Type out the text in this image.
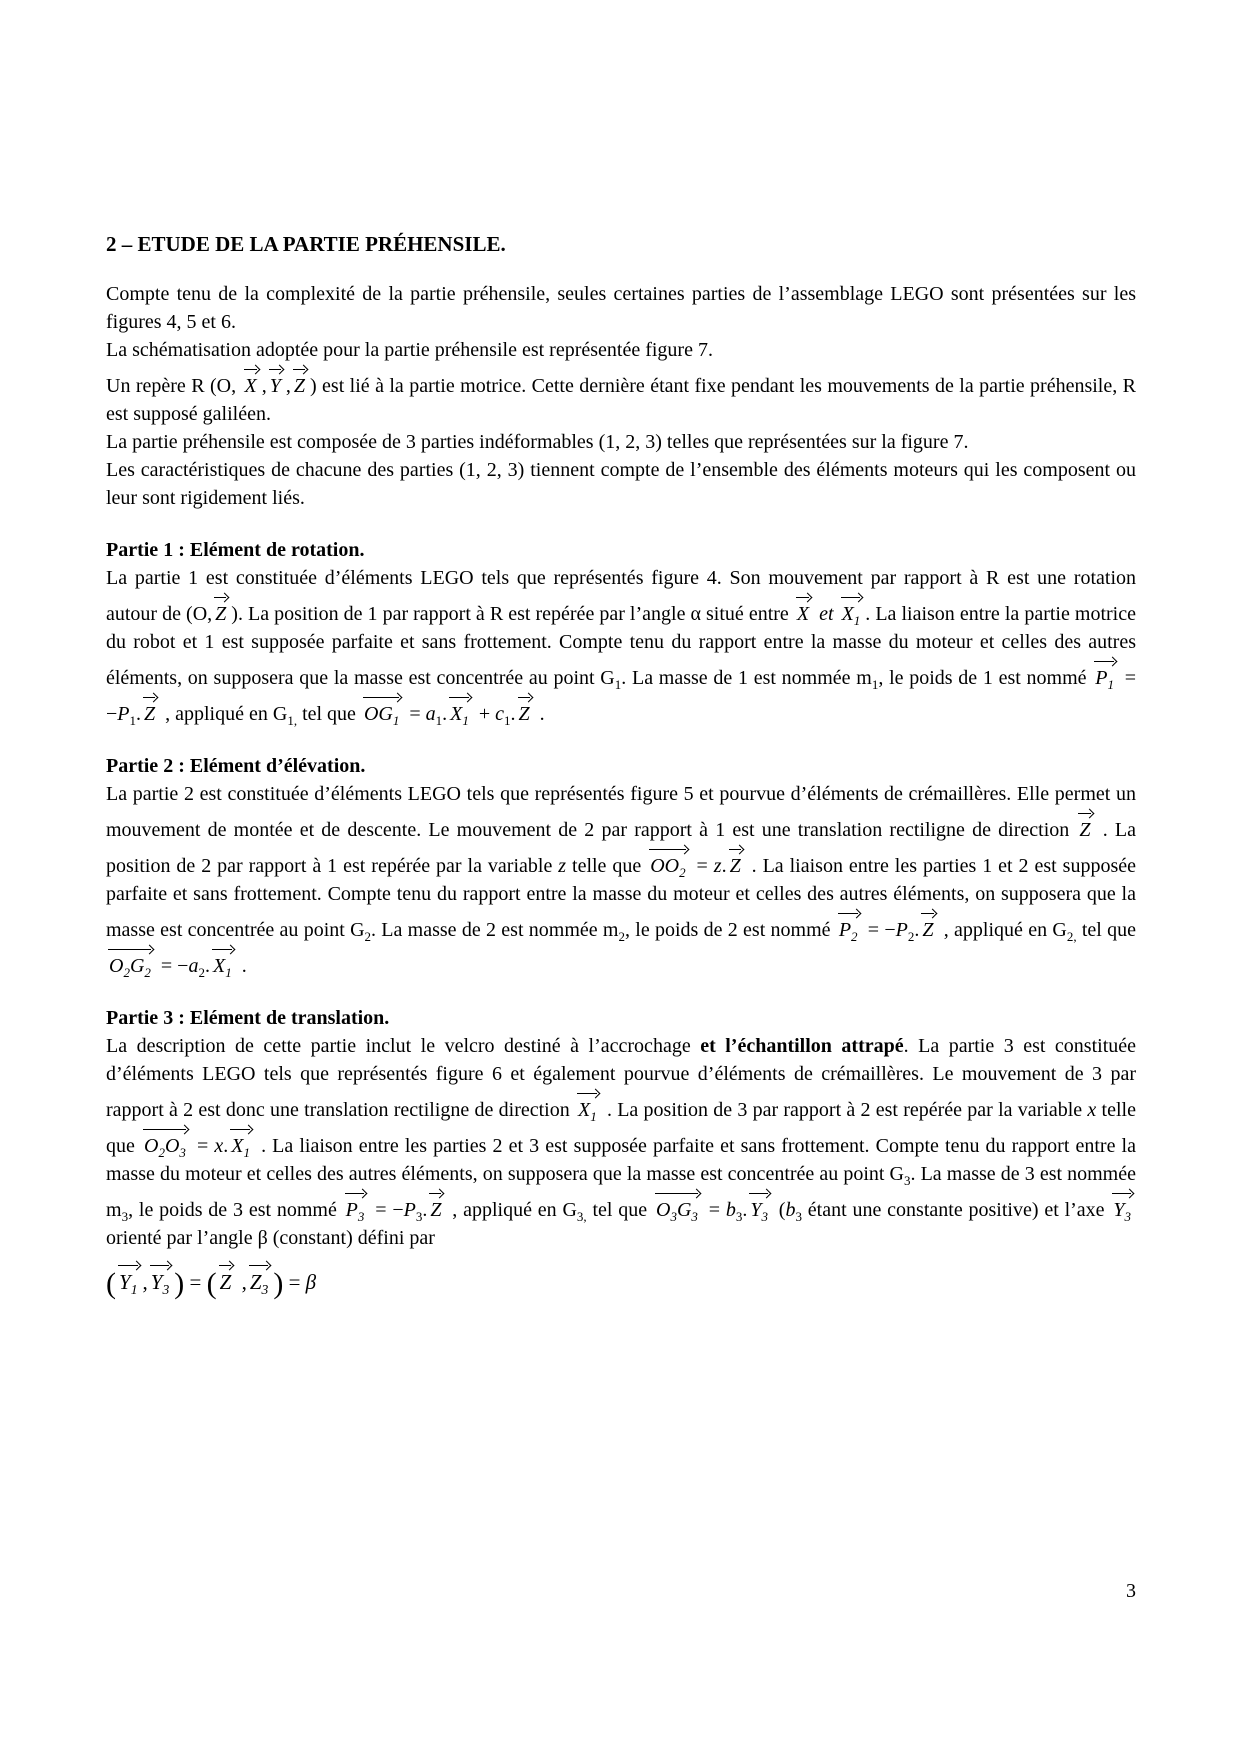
2 – ETUDE DE LA PARTIE PRÉHENSILE.

Compte tenu de la complexité de la partie préhensile, seules certaines parties de l’assemblage LEGO sont présentées sur les figures 4, 5 et 6.

La schématisation adoptée pour la partie préhensile est représentée figure 7.

Un repère R (O,
X , Y , Z ) est lié à la partie motrice. Cette dernière étant fixe pendant les mouvements de la partie préhensile, R est supposé galiléen.

La partie préhensile est composée de 3 parties indéformables (1, 2, 3) telles que représentées sur la figure 7.

Les caractéristiques de chacune des parties (1, 2, 3) tiennent compte de l’ensemble des éléments moteurs qui les composent ou leur sont rigidement liés.

Partie 1 : Elément de rotation.

La partie 1 est constituée d’éléments LEGO tels que représentés figure 4. Son mouvement par rapport à R est une rotation autour de (O, Z ). La position de 1 par rapport à R est repérée par l’angle α situé entre
X et
$X_1$ . La liaison entre la partie motrice du robot et 1 est supposée parfaite et sans frottement. Compte tenu du rapport entre la masse du moteur et celles des autres éléments, on supposera que la masse est concentrée au point $G_1$. La masse de 1 est nommée $m_1$, le poids de 1 est nommé
$P_1 = -P_1$. Z , appliqué en $G_{1,}$ tel que
$OG_1 = a_1$. $X_1 + c_1$. Z .

Partie 2 : Elément d’élévation.

La partie 2 est constituée d’éléments LEGO tels que représentés figure 5 et pourvue d’éléments de crémaillères. Elle permet un mouvement de montée et de descente. Le mouvement de 2 par rapport à 1 est une translation rectiligne de direction
Z . La position de 2 par rapport à 1 est repérée par la variable z telle que
$OO_2 = z$. Z . La liaison entre les parties 1 et 2 est supposée parfaite et sans frottement. Compte tenu du rapport entre la masse du moteur et celles des autres éléments, on supposera que la masse est concentrée au point $G_2$. La masse de 2 est nommée $m_2$, le poids de 2 est nommé
$P_2 = -P_2$. Z , appliqué en $G_{2,}$ tel que
$O_2G_2 = -a_2$. $X_1$ .

Partie 3 : Elément de translation.

La description de cette partie inclut le velcro destiné à l’accrochage et l’échantillon attrapé. La partie 3 est constituée d’éléments LEGO tels que représentés figure 6 et également pourvue d’éléments de crémaillères. Le mouvement de 3 par rapport à 2 est donc une translation rectiligne de direction
$X_1$ . La position de 3 par rapport à 2 est repérée par la variable x telle que
$O_2O_3 = x$. $X_1$ . La liaison entre les parties 2 et 3 est supposée parfaite et sans frottement. Compte tenu du rapport entre la masse du moteur et celles des autres éléments, on supposera que la masse est concentrée au point $G_3$. La masse de 3 est nommée $m_3$, le poids de 3 est nommé
$P_3 = -P_3$. Z , appliqué en $G_{3,}$ tel que
$O_3G_3 = b_3$. $Y_3$ ($b_3$ étant une constante positive) et l’axe
$Y_3$ orienté par l’angle β (constant) défini par

( $Y_1$ , $Y_3$ ) = ( Z , $Z_3$ ) = β

3
